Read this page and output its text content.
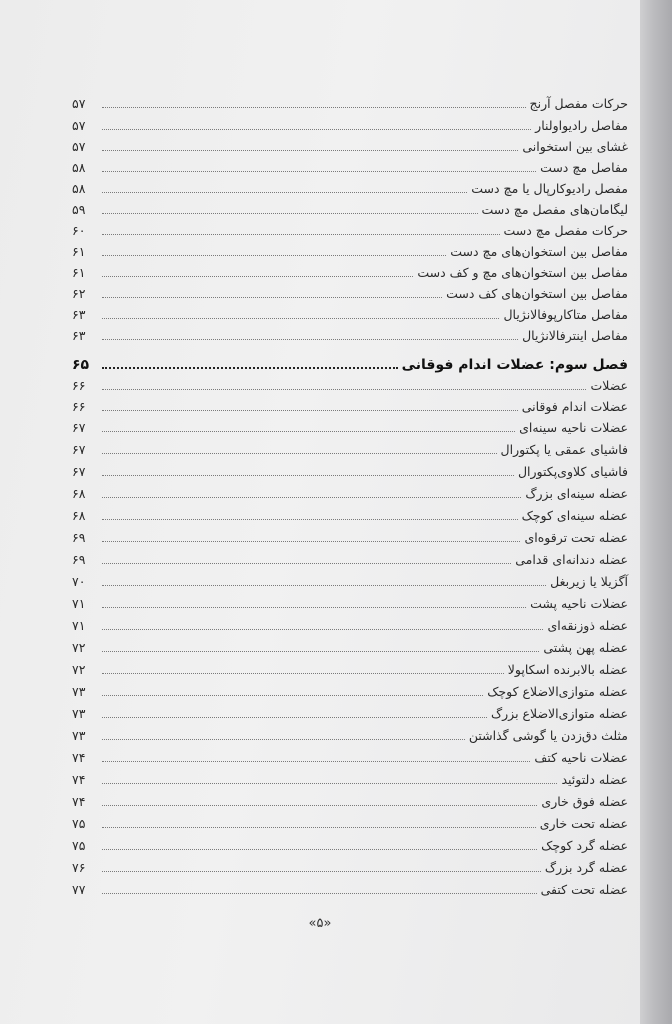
حرکات مفصل آرنج
۵۷
مفاصل رادیواولنار
۵۷
غشای بین استخوانی
۵۷
مفاصل مچ دست
۵۸
مفصل رادیوکارپال یا مچ دست
۵۸
لیگامان‌های مفصل مچ دست
۵۹
حرکات مفصل مچ دست
۶۰
مفاصل بین استخوان‌های مچ دست
۶۱
مفاصل بین استخوان‌های مچ و کف دست
۶۱
مفاصل بین استخوان‌های کف دست
۶۲
مفاصل متاکارپوفالانژیال
۶۳
مفاصل اینترفالانژیال
۶۳
فصل سوم: عضلات اندام فوقانی
۶۵
عضلات
۶۶
عضلات اندام فوقانی
۶۶
عضلات ناحیه سینه‌ای
۶۷
فاشیای عمقی یا پکتورال
۶۷
فاشیای کلاوی‌پکتورال
۶۷
عضله سینه‌ای بزرگ
۶۸
عضله سینه‌ای کوچک
۶۸
عضله تحت ترقوه‌ای
۶۹
عضله دندانه‌ای قدامی
۶۹
آگزیلا یا زیربغل
۷۰
عضلات ناحیه پشت
۷۱
عضله ذوزنقه‌ای
۷۱
عضله پهن پشتی
۷۲
عضله بالابرنده اسکاپولا
۷۲
عضله متوازی‌الاضلاع کوچک
۷۳
عضله متوازی‌الاضلاع بزرگ
۷۳
مثلث دق‌زدن یا گوشی گذاشتن
۷۳
عضلات ناحیه کتف
۷۴
عضله دلتوئید
۷۴
عضله فوق خاری
۷۴
عضله تحت خاری
۷۵
عضله گرد کوچک
۷۵
عضله گرد بزرگ
۷۶
عضله تحت کتفی
۷۷
«۵»
